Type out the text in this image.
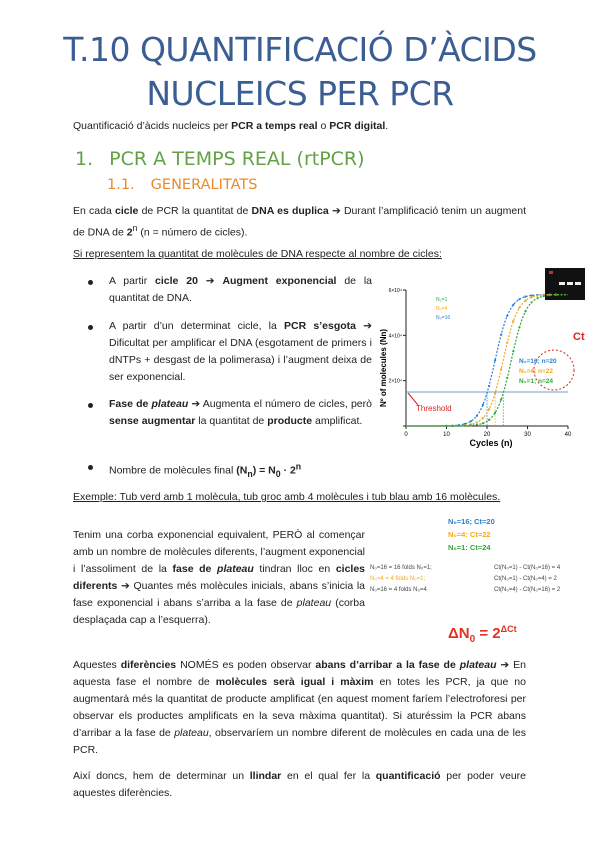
T.10 QUANTIFICACIÓ D’ÀCIDS
NUCLEICS PER PCR
Quantificació d’àcids nucleics per PCR a temps real o PCR digital.
1. PCR A TEMPS REAL (rtPCR)
1.1. GENERALITATS
En cada cicle de PCR la quantitat de DNA es duplica ➔ Durant l’amplificació tenim un augment de DNA de 2$^n$ (n = número de cicles).
Si representem la quantitat de molècules de DNA respecte al nombre de cicles:
A partir cicle 20 ➔ Augment exponencial de la quantitat de DNA.
A partir d’un determinat cicle, la PCR s’esgota ➔ Dificultat per amplificar el DNA (esgotament de primers i dNTPs + desgast de la polimerasa) i l’augment deixa de ser exponencial.
Fase de plateau ➔ Augmenta el número de cicles, però sense augmentar la quantitat de producte amplificat.
Nombre de molècules final $(N_n) = N_0 \cdot 2^n$
0	10	20	30	40
2×10⁴
4×10⁴
6×10⁴
Nº of molecules (Nn)
Cycles (n)
Threshold
Ct
N₀=16; n=20
N₀=4; n=22
N₀=1; n=24
N₀=1
N₀=4
N₀=16
Exemple: Tub verd amb 1 molècula, tub groc amb 4 molècules i tub blau amb 16 molècules.
Tenim una corba exponencial equivalent, PERÒ al començar amb un nombre de molècules diferents, l’augment exponencial i l’assoliment de la fase de plateau tindran lloc en cicles diferents ➔ Quantes més molècules inicials, abans s’inicia la fase exponencial i abans s’arriba a la fase de plateau (corba desplaçada cap a l’esquerra).
N₀=16; Ct=20
N₀=4: Ct=22
N₀=1: Ct=24
N₀=16 = 16 folds N₀=1;	Ct(N₀=1) - Ct(N₀=16) = 4
N₀=4 = 4 folds N₀=1;	Ct(N₀=1) - Ct(N₀=4) = 2
N₀=16 = 4 folds N₀=4	Ct(N₀=4) - Ct(N₀=16) = 2
$\Delta N_0 = 2^{\Delta Ct}$
Aquestes diferències NOMÉS es poden observar abans d’arribar a la fase de plateau ➔ En aquesta fase el nombre de molècules serà igual i màxim en totes les PCR, ja que no augmentarà més la quantitat de producte amplificat (en aquest moment faríem l’electroforesi per observar els productes amplificats en la seva màxima quantitat). Si aturéssim la PCR abans d’arribar a la fase de plateau, observaríem un nombre diferent de molècules en cada una de les PCR.
Així doncs, hem de determinar un llindar en el qual fer la quantificació per poder veure aquestes diferències.
